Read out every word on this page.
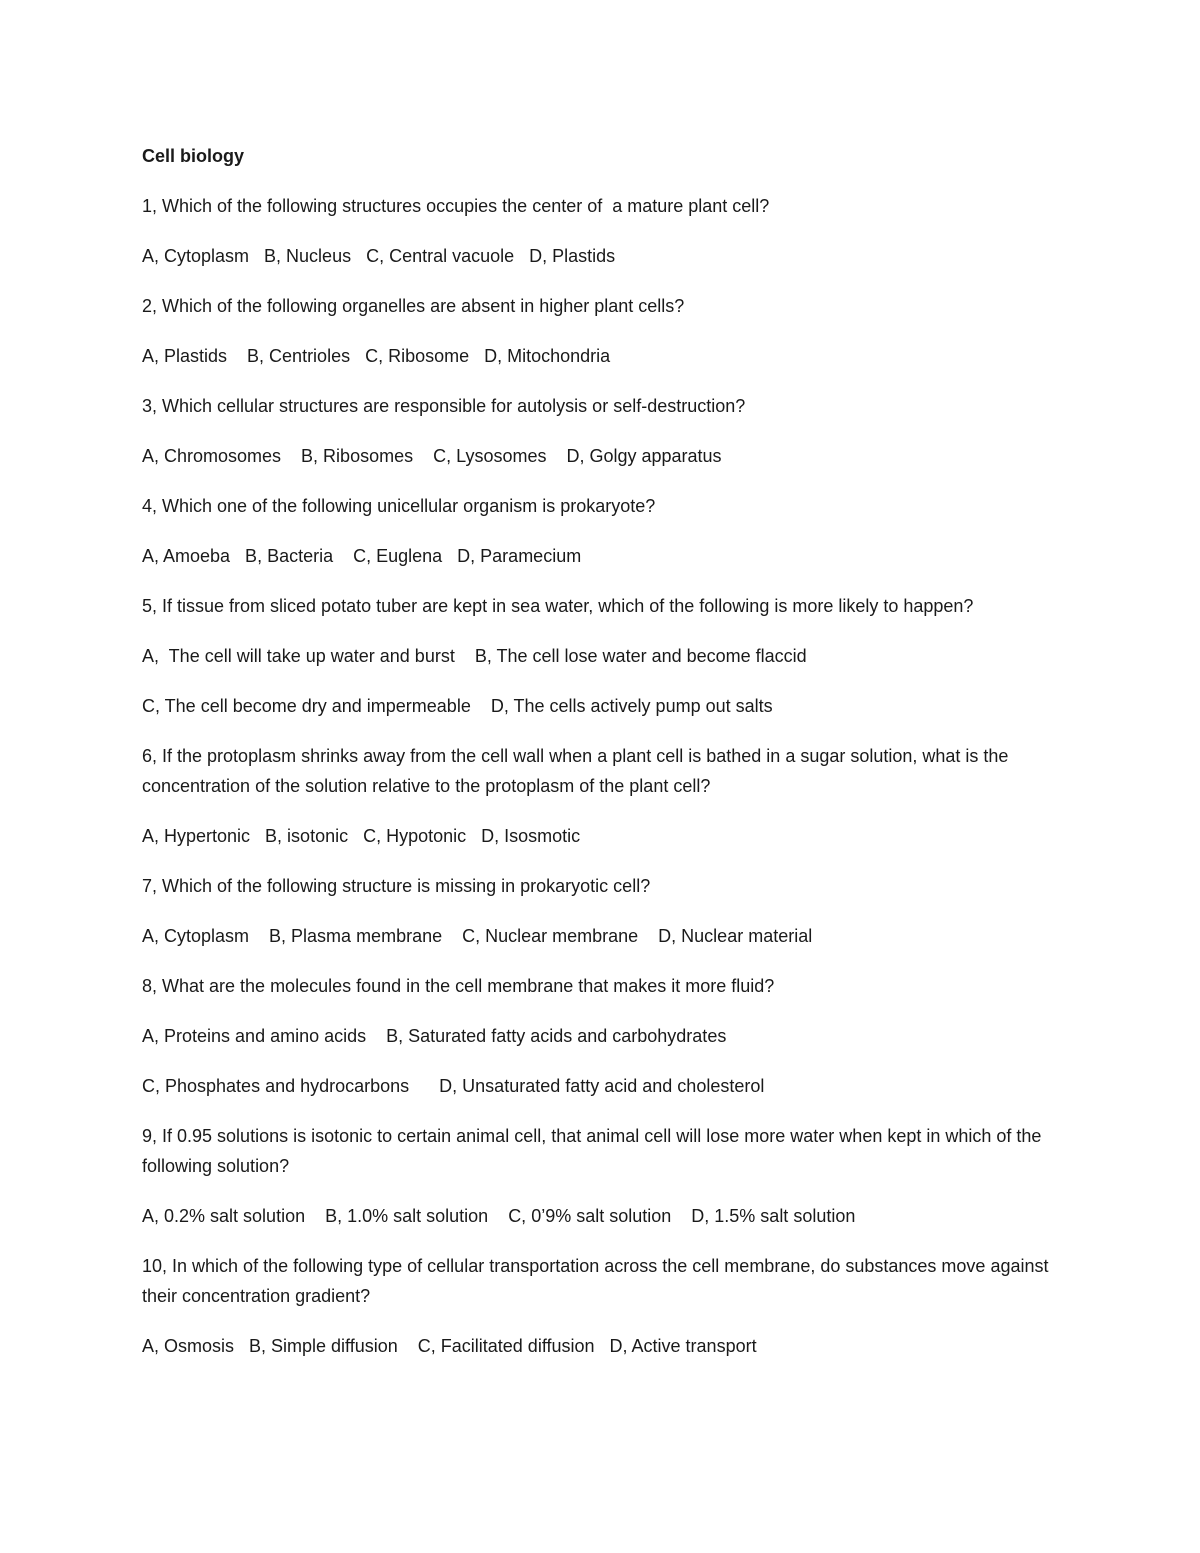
Cell biology
1, Which of the following structures occupies the center of  a mature plant cell?
A, Cytoplasm   B, Nucleus   C, Central vacuole   D, Plastids
2, Which of the following organelles are absent in higher plant cells?
A, Plastids    B, Centrioles   C, Ribosome   D, Mitochondria
3, Which cellular structures are responsible for autolysis or self-destruction?
A, Chromosomes    B, Ribosomes    C, Lysosomes    D, Golgy apparatus
4, Which one of the following unicellular organism is prokaryote?
A, Amoeba   B, Bacteria    C, Euglena   D, Paramecium
5, If tissue from sliced potato tuber are kept in sea water, which of the following is more likely to happen?
A,  The cell will take up water and burst    B, The cell lose water and become flaccid
C, The cell become dry and impermeable    D, The cells actively pump out salts
6, If the protoplasm shrinks away from the cell wall when a plant cell is bathed in a sugar solution, what is the concentration of the solution relative to the protoplasm of the plant cell?
A, Hypertonic   B, isotonic   C, Hypotonic   D, Isosmotic
7, Which of the following structure is missing in prokaryotic cell?
A, Cytoplasm    B, Plasma membrane    C, Nuclear membrane    D, Nuclear material
8, What are the molecules found in the cell membrane that makes it more fluid?
A, Proteins and amino acids    B, Saturated fatty acids and carbohydrates
C, Phosphates and hydrocarbons      D, Unsaturated fatty acid and cholesterol
9, If 0.95 solutions is isotonic to certain animal cell, that animal cell will lose more water when kept in which of the following solution?
A, 0.2% salt solution    B, 1.0% salt solution    C, 0’9% salt solution    D, 1.5% salt solution
10, In which of the following type of cellular transportation across the cell membrane, do substances move against their concentration gradient?
A, Osmosis   B, Simple diffusion    C, Facilitated diffusion   D, Active transport
